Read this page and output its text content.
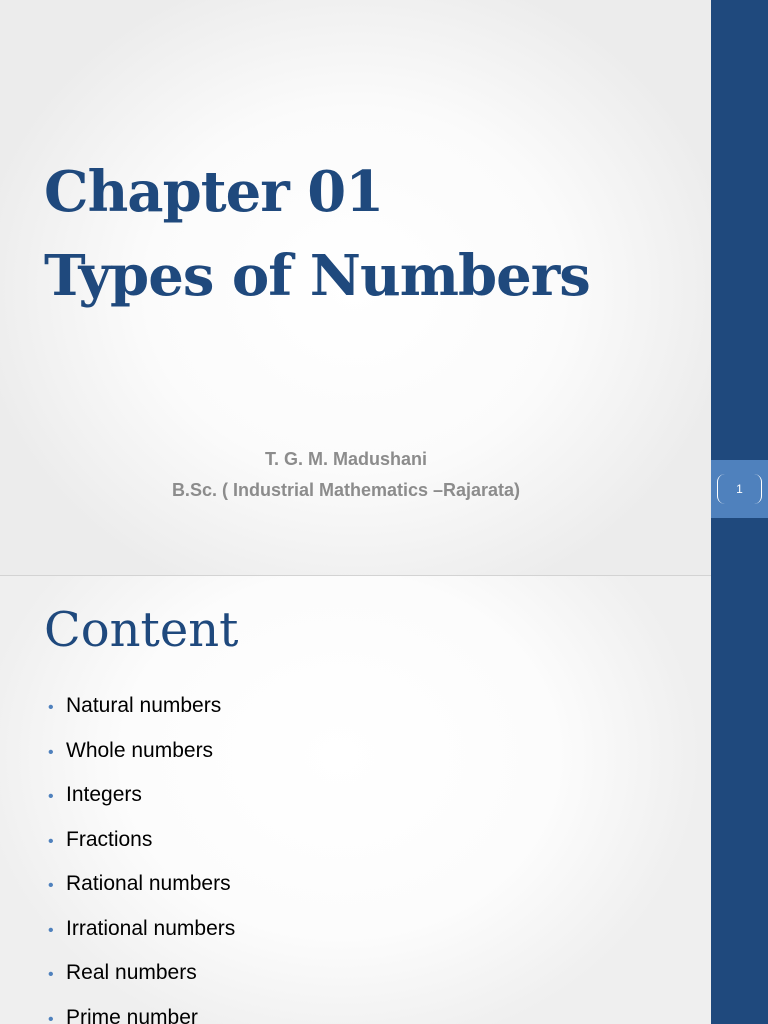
Chapter 01
Types of Numbers
T. G. M. Madushani
B.Sc. ( Industrial Mathematics –Rajarata)
Content
• Natural numbers
• Whole numbers
• Integers
• Fractions
• Rational numbers
• Irrational numbers
• Real numbers
• Prime number
1
